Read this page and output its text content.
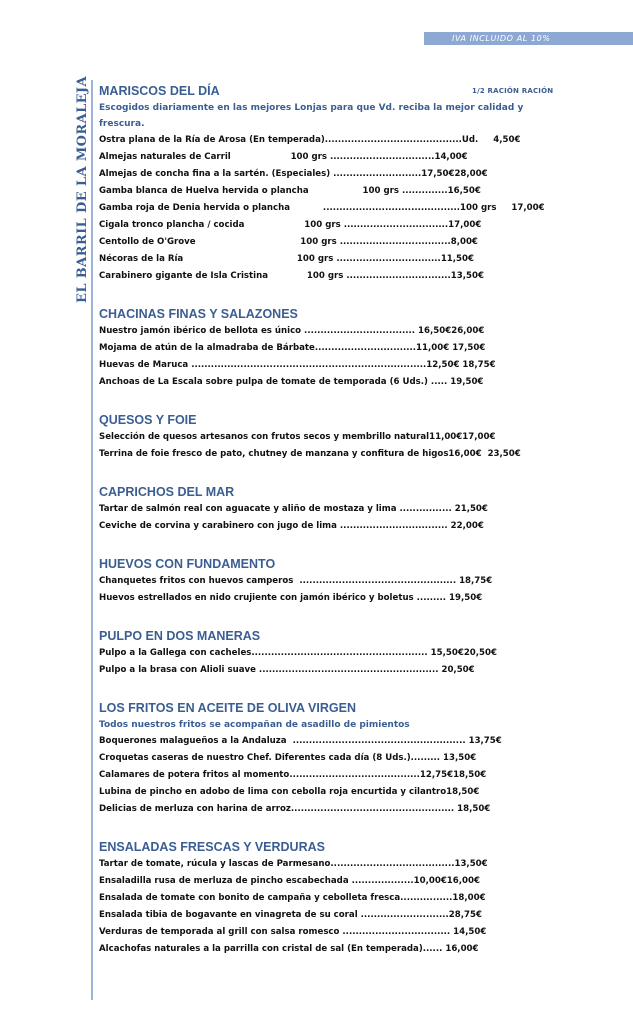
IVA INCLUIDO AL 10%
EL BARRIL DE LA MORALEJA MARISCOS DEL DÍA	1/2 RACIÓN RACIÓN
Escogidos diariamente en las mejores Lonjas para que Vd. reciba la mejor calidad y frescura.
Ostra plana de la Ría de Arosa (En temperada)..........................................Ud.     4,50€
Almejas naturales de Carril                    100 grs ................................14,00€
Almejas de concha fina a la sartén. (Especiales) ...........................17,50€28,00€
Gamba blanca de Huelva hervida o plancha                  100 grs ..............16,50€
Gamba roja de Denia hervida o plancha           ..........................................100 grs     17,00€
Cigala tronco plancha / cocida                    100 grs ................................17,00€
Centollo de O'Grove                                   100 grs ..................................8,00€
Nécoras de la Ría                                      100 grs ................................11,50€
Carabinero gigante de Isla Cristina             100 grs ................................13,50€
CHACINAS FINAS Y SALAZONES
Nuestro jamón ibérico de bellota es único .................................. 16,50€26,00€
Mojama de atún de la almadraba de Bárbate...............................11,00€ 17,50€
Huevas de Maruca ........................................................................12,50€ 18,75€
Anchoas de La Escala sobre pulpa de tomate de temporada (6 Uds.) ..... 19,50€
QUESOS Y FOIE
Selección de quesos artesanos con frutos secos y membrillo natural11,00€17,00€
Terrina de foie fresco de pato, chutney de manzana y confitura de higos16,00€  23,50€
CAPRICHOS DEL MAR
Tartar de salmón real con aguacate y aliño de mostaza y lima ................ 21,50€
Ceviche de corvina y carabinero con jugo de lima ................................. 22,00€
HUEVOS CON FUNDAMENTO
Chanquetes fritos con huevos camperos  ................................................ 18,75€
Huevos estrellados en nido crujiente con jamón ibérico y boletus ......... 19,50€
PULPO EN DOS MANERAS
Pulpo a la Gallega con cacheles...................................................... 15,50€20,50€
Pulpo a la brasa con Alioli suave ....................................................... 20,50€
LOS FRITOS EN ACEITE DE OLIVA VIRGEN
Todos nuestros fritos se acompañan de asadillo de pimientos
Boquerones malagueños a la Andaluza  ..................................................... 13,75€
Croquetas caseras de nuestro Chef. Diferentes cada día (8 Uds.)......... 13,50€
Calamares de potera fritos al momento........................................12,75€18,50€
Lubina de pincho en adobo de lima con cebolla roja encurtida y cilantro18,50€
Delicias de merluza con harina de arroz.................................................. 18,50€
ENSALADAS FRESCAS Y VERDURAS
Tartar de tomate, rúcula y lascas de Parmesano......................................13,50€
Ensaladilla rusa de merluza de pincho escabechada ...................10,00€16,00€
Ensalada de tomate con bonito de campaña y cebolleta fresca................18,00€
Ensalada tibia de bogavante en vinagreta de su coral ...........................28,75€
Verduras de temporada al grill con salsa romesco ................................. 14,50€
Alcachofas naturales a la parrilla con cristal de sal (En temperada)...... 16,00€
